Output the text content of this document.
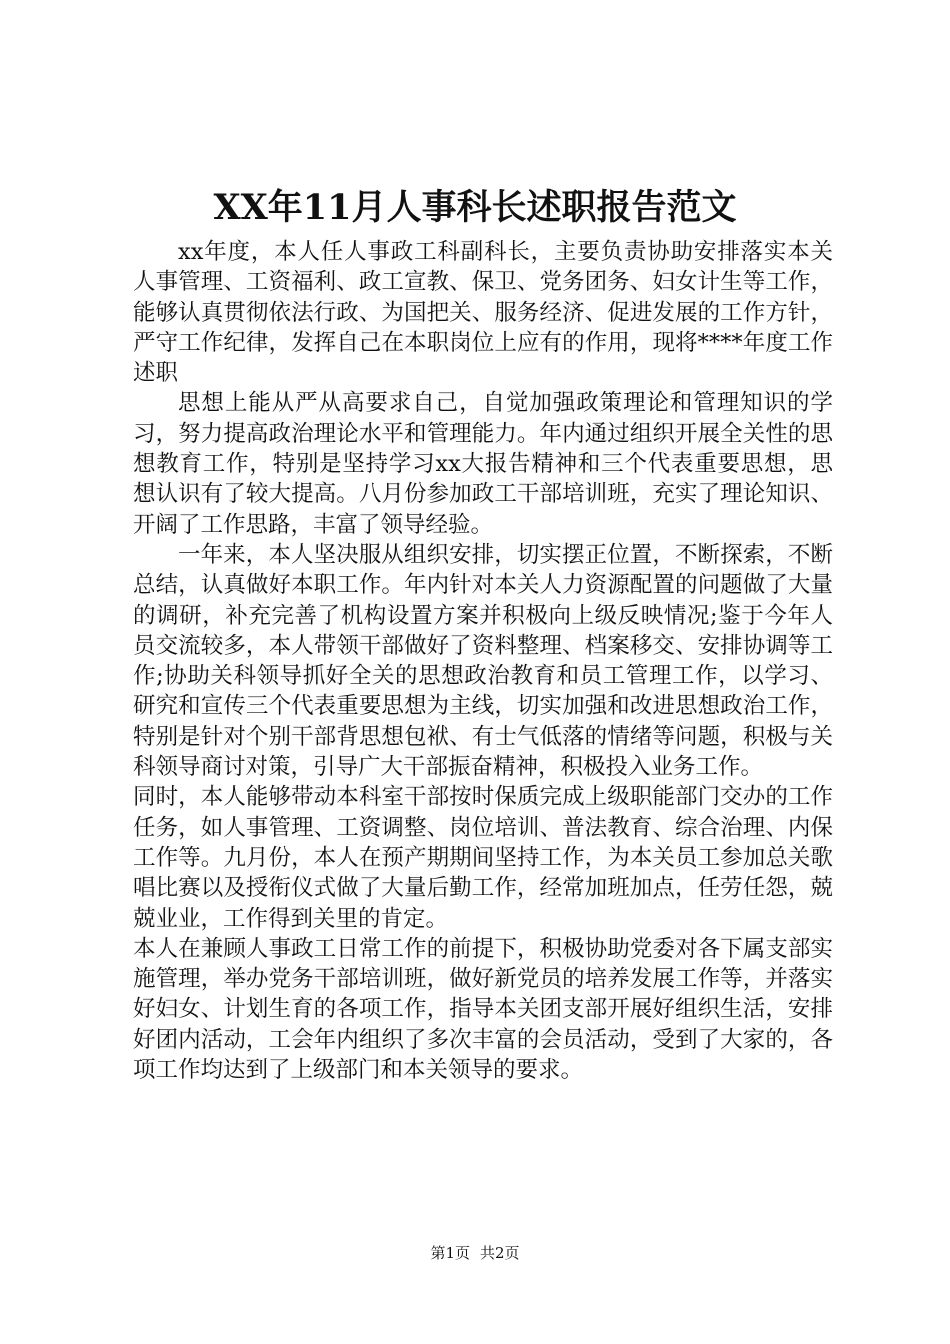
XX年11月人事科长述职报告范文

xx年度，本人任人事政工科副科长，主要负责协助安排落实本关人事管理、工资福利、政工宣教、保卫、党务团务、妇女计生等工作，能够认真贯彻依法行政、为国把关、服务经济、促进发展的工作方针，严守工作纪律，发挥自己在本职岗位上应有的作用，现将****年度工作述职

思想上能从严从高要求自己，自觉加强政策理论和管理知识的学习，努力提高政治理论水平和管理能力。年内通过组织开展全关性的思想教育工作，特别是坚持学习xx大报告精神和三个代表重要思想，思想认识有了较大提高。八月份参加政工干部培训班，充实了理论知识、开阔了工作思路，丰富了领导经验。

一年来，本人坚决服从组织安排，切实摆正位置，不断探索，不断总结，认真做好本职工作。年内针对本关人力资源配置的问题做了大量的调研，补充完善了机构设置方案并积极向上级反映情况;鉴于今年人员交流较多，本人带领干部做好了资料整理、档案移交、安排协调等工作;协助关科领导抓好全关的思想政治教育和员工管理工作，以学习、研究和宣传三个代表重要思想为主线，切实加强和改进思想政治工作，特别是针对个别干部背思想包袱、有士气低落的情绪等问题，积极与关科领导商讨对策，引导广大干部振奋精神，积极投入业务工作。

同时，本人能够带动本科室干部按时保质完成上级职能部门交办的工作任务，如人事管理、工资调整、岗位培训、普法教育、综合治理、内保工作等。九月份，本人在预产期期间坚持工作，为本关员工参加总关歌唱比赛以及授衔仪式做了大量后勤工作，经常加班加点，任劳任怨，兢兢业业，工作得到关里的肯定。

本人在兼顾人事政工日常工作的前提下，积极协助党委对各下属支部实施管理，举办党务干部培训班，做好新党员的培养发展工作等，并落实好妇女、计划生育的各项工作，指导本关团支部开展好组织生活，安排好团内活动，工会年内组织了多次丰富的会员活动，受到了大家的，各项工作均达到了上级部门和本关领导的要求。

第1页 共2页
